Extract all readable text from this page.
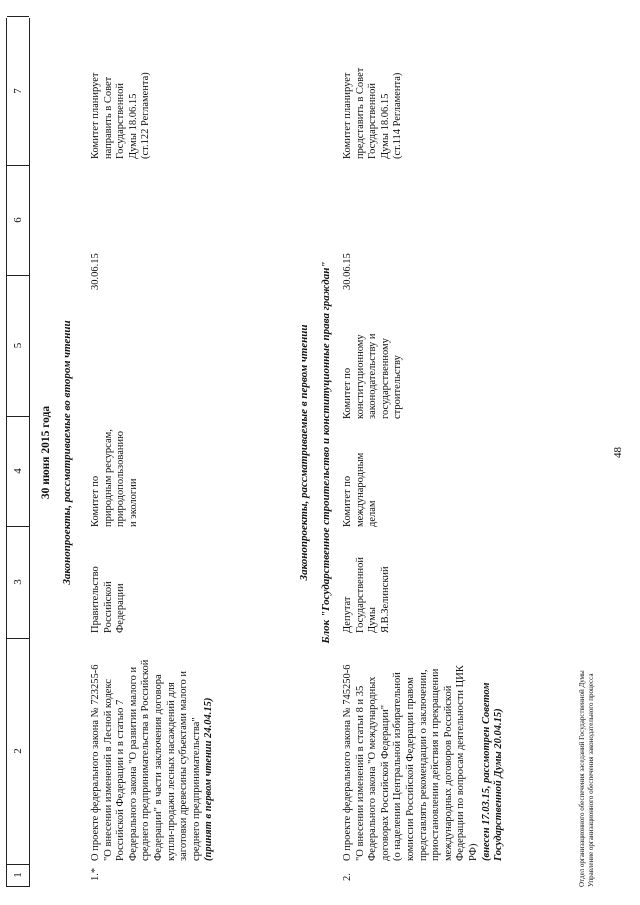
48
1
2
3
4
5
6
7
30 июня 2015 года Законопроекты, рассматриваемые во втором чтении
1.*
О проекте федерального закона № 723255-6 "О внесении изменений в Лесной кодекс Российской Федерации и в статью 7 Федерального закона "О развитии малого и среднего предпринимательства в Российской Федерации" в части заключения договора купли-продажи лесных насаждений для заготовки древесины субъектами малого и среднего предпринимательства" (принят в первом чтении 24.04.15)
Правительство Российской Федерации
Комитет по природным ресурсам, природопользованию и экологии
30.06.15
Комитет планирует направить в Совет Государственной Думы 18.06.15 (ст.122 Регламента)
Законопроекты, рассматриваемые в первом чтении Блок "Государственное строительство и конституционные права граждан"
2.
О проекте федерального закона № 745250-6 "О внесении изменений в статьи 8 и 35 Федерального закона "О международных договорах Российской Федерации" (о наделении Центральной избирательной комиссии Российской Федерации правом представлять рекомендации о заключении, приостановлении действия и прекращении международных договоров Российской Федерации по вопросам деятельности ЦИК РФ) (внесен 17.03.15, рассмотрен Советом Государственной Думы 20.04.15)
Депутат Государственной Думы Я.В.Зелинский
Комитет по международным делам
Комитет по конституционному законодательству и государственному строительству
30.06.15
Комитет планирует представить в Совет Государственной Думы 18.06.15 (ст.114 Регламента)
Отдел организационного обеспечения заседаний Государственной Думы Управление организационного обеспечения законодательного процесса
